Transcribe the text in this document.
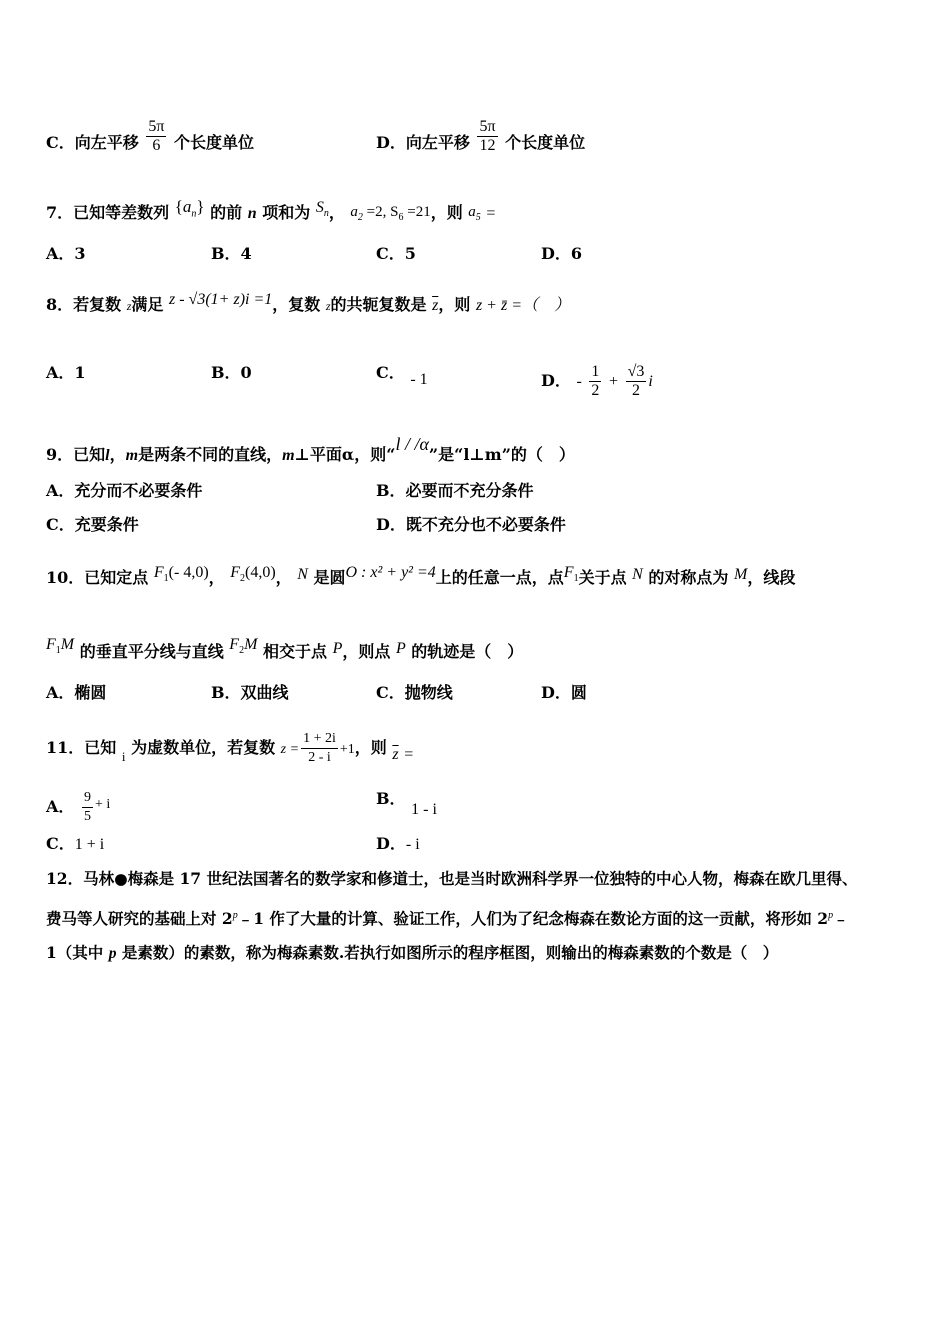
C．向左平移 $\frac{5\pi}{6}$ 个长度单位	D．向左平移 $\frac{5\pi}{12}$ 个长度单位
7．已知等差数列 $\{a_n\}$ 的前 n 项和为 $S_n$， $a_2 =2$, $S_6 =21$，则 $a_5$ =
A．3	B．4	C．5	D．6
8．若复数 z满足 z - √3(1+ z)i =1，复数 z的共轭复数是 $\overline{z}$，则 z + z̄ =（　）
A．1	B．0	C． - 1	D． - $\frac{1}{2} + \frac{√3}{2}$ i
9．已知l，m是两条不同的直线，m⊥平面α，则“l / /α”是“l⊥m”的（　）
A．充分而不必要条件	B．必要而不充分条件
C．充要条件	D．既不充分也不必要条件
10．已知定点 $F_1(-$ 4,0)， $F_2(4,0)$， N 是圆O : x² + y² =4上的任意一点，点$F_1$关于点 N 的对称点为 M，线段
$F_1M$ 的垂直平分线与直线 $F_2M$ 相交于点 P，则点 P 的轨迹是（　）
A．椭圆	B．双曲线	C．抛物线	D．圆
11．已知 $_i$ 为虚数单位，若复数 $z = \frac{1 + 2i}{2 - i} +1$，则 $\overline{z}$ =
A． $\frac{9}{5} + i$	B． 1 - i
C．1 + i	D．- i
12．马林●梅森是 17 世纪法国著名的数学家和修道士，也是当时欧洲科学界一位独特的中心人物，梅森在欧几里得、
费马等人研究的基础上对 2$^p$﹣1 作了大量的计算、验证工作，人们为了纪念梅森在数论方面的这一贡献，将形如 2$^p$﹣
1（其中 p 是素数）的素数，称为梅森素数.若执行如图所示的程序框图，则输出的梅森素数的个数是（　）
